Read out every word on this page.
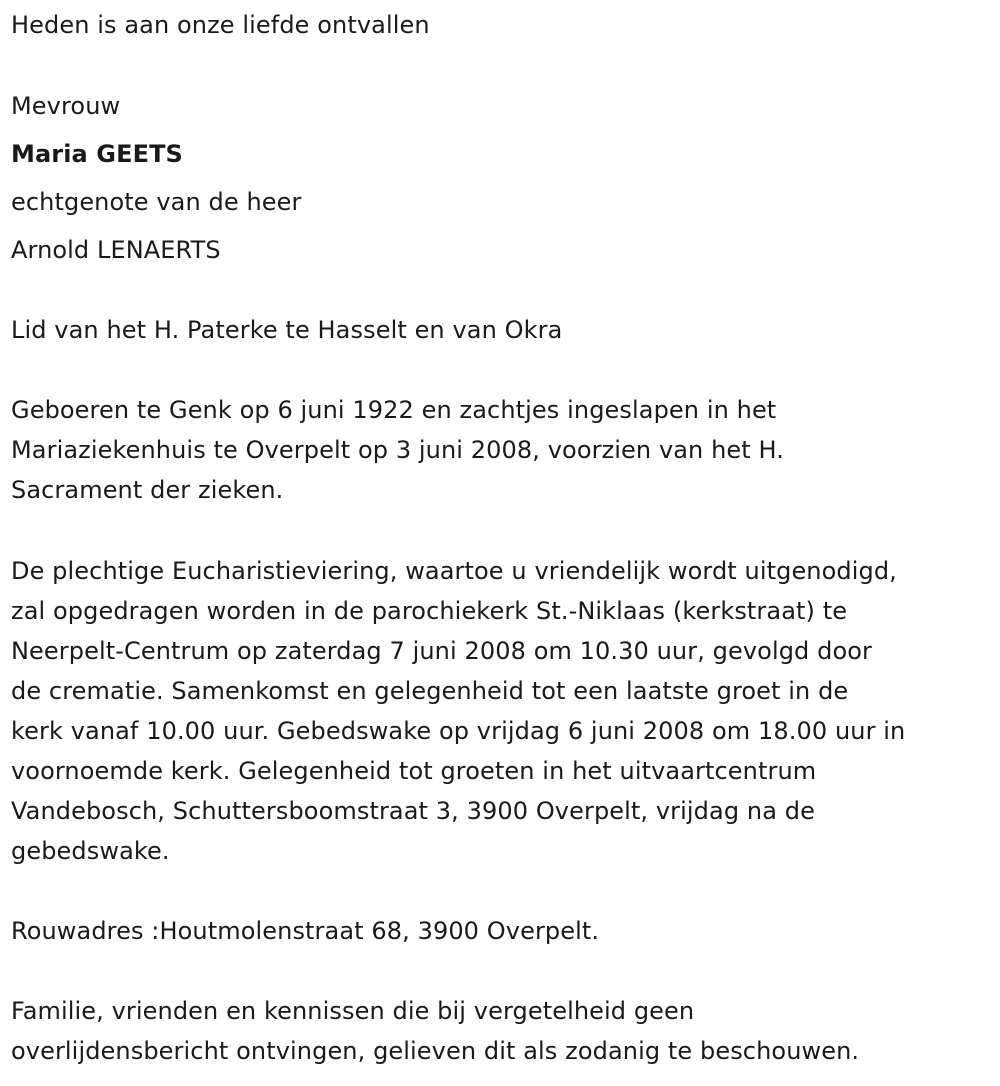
Heden is aan onze liefde ontvallen

Mevrouw

Maria GEETS

echtgenote van de heer

Arnold LENAERTS

Lid van het H. Paterke te Hasselt en van Okra

Geboeren te Genk op 6 juni 1922 en zachtjes ingeslapen in het

Mariaziekenhuis te Overpelt op 3 juni 2008, voorzien van het H.

Sacrament der zieken.

De plechtige Eucharistieviering, waartoe u vriendelijk wordt uitgenodigd,

zal opgedragen worden in de parochiekerk St.-Niklaas (kerkstraat) te

Neerpelt-Centrum op zaterdag 7 juni 2008 om 10.30 uur, gevolgd door

de crematie. Samenkomst en gelegenheid tot een laatste groet in de

kerk vanaf 10.00 uur. Gebedswake op vrijdag 6 juni 2008 om 18.00 uur in

voornoemde kerk. Gelegenheid tot groeten in het uitvaartcentrum

Vandebosch, Schuttersboomstraat 3, 3900 Overpelt, vrijdag na de

gebedswake.

Rouwadres :Houtmolenstraat 68, 3900 Overpelt.

Familie, vrienden en kennissen die bij vergetelheid geen

overlijdensbericht ontvingen, gelieven dit als zodanig te beschouwen.
